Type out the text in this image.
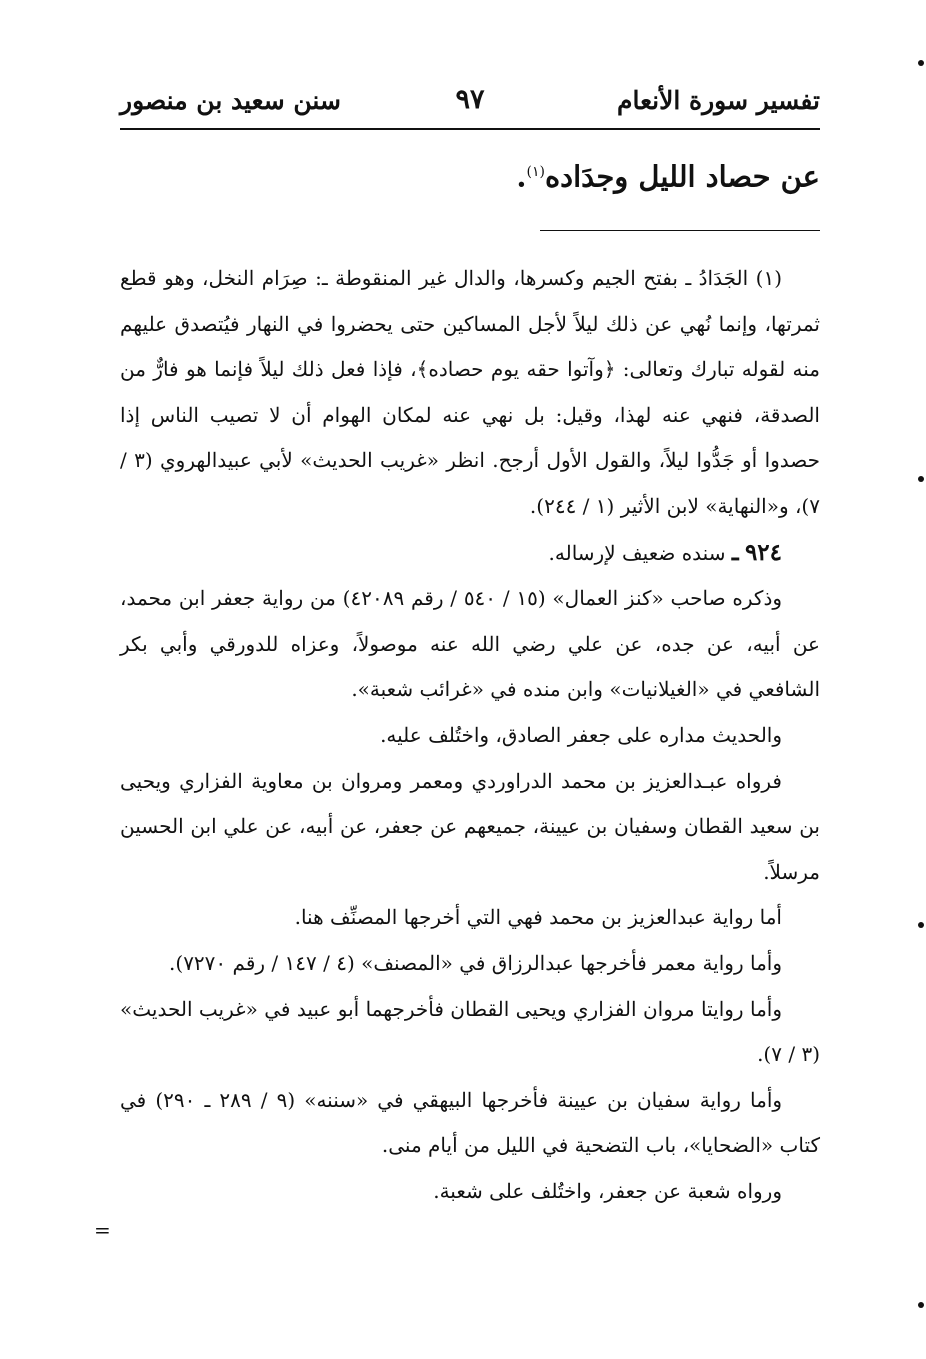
تفسير سورة الأنعام
٩٧
سنن سعيد بن منصور
عن حصاد الليل وجدَاده$^{(١)}$.

(١) الجَدَادُ ـ بفتح الجيم وكسرها، والدال غير المنقوطة ـ: صِرَام النخل، وهو قطع ثمرتها، وإنما نُهي عن ذلك ليلاً لأجل المساكين حتى يحضروا في النهار فيُتصدق عليهم منه لقوله تبارك وتعالى: ﴿وآتوا حقه يوم حصاده﴾، فإذا فعل ذلك ليلاً فإنما هو فارٌّ من الصدقة، فنهي عنه لهذا، وقيل: بل نهي عنه لمكان الهوام أن لا تصيب الناس إذا حصدوا أو جَدُّوا ليلاً، والقول الأول أرجح. انظر «غريب الحديث» لأبي عبيدالهروي (٣ / ٧)، و«النهاية» لابن الأثير (١ / ٢٤٤).

٩٢٤ ـ سنده ضعيف لإرساله.

وذكره صاحب «كنز العمال» (١٥ / ٥٤٠ / رقم ٤٢٠٨٩) من رواية جعفر ابن محمد، عن أبيه، عن جده، عن علي رضي الله عنه موصولاً، وعزاه للدورقي وأبي بكر الشافعي في «الغيلانيات» وابن منده في «غرائب شعبة».

والحديث مداره على جعفر الصادق، واختُلف عليه.

فرواه عبـدالعزيز بن محمد الدراوردي ومعمر ومروان بن معاوية الفزاري ويحيى بن سعيد القطان وسفيان بن عيينة، جميعهم عن جعفر، عن أبيه، عن علي ابن الحسين مرسلاً.

أما رواية عبدالعزيز بن محمد فهي التي أخرجها المصنِّف هنا.

وأما رواية معمر فأخرجها عبدالرزاق في «المصنف» (٤ / ١٤٧ / رقم ٧٢٧٠).

وأما روايتا مروان الفزاري ويحيى القطان فأخرجهما أبو عبيد في «غريب الحديث» (٣ / ٧).

وأما رواية سفيان بن عيينة فأخرجها البيهقي في «سننه» (٩ / ٢٨٩ ـ ٢٩٠) في كتاب «الضحايا»، باب التضحية في الليل من أيام منى.

ورواه شعبة عن جعفر، واختُلف على شعبة.

=
